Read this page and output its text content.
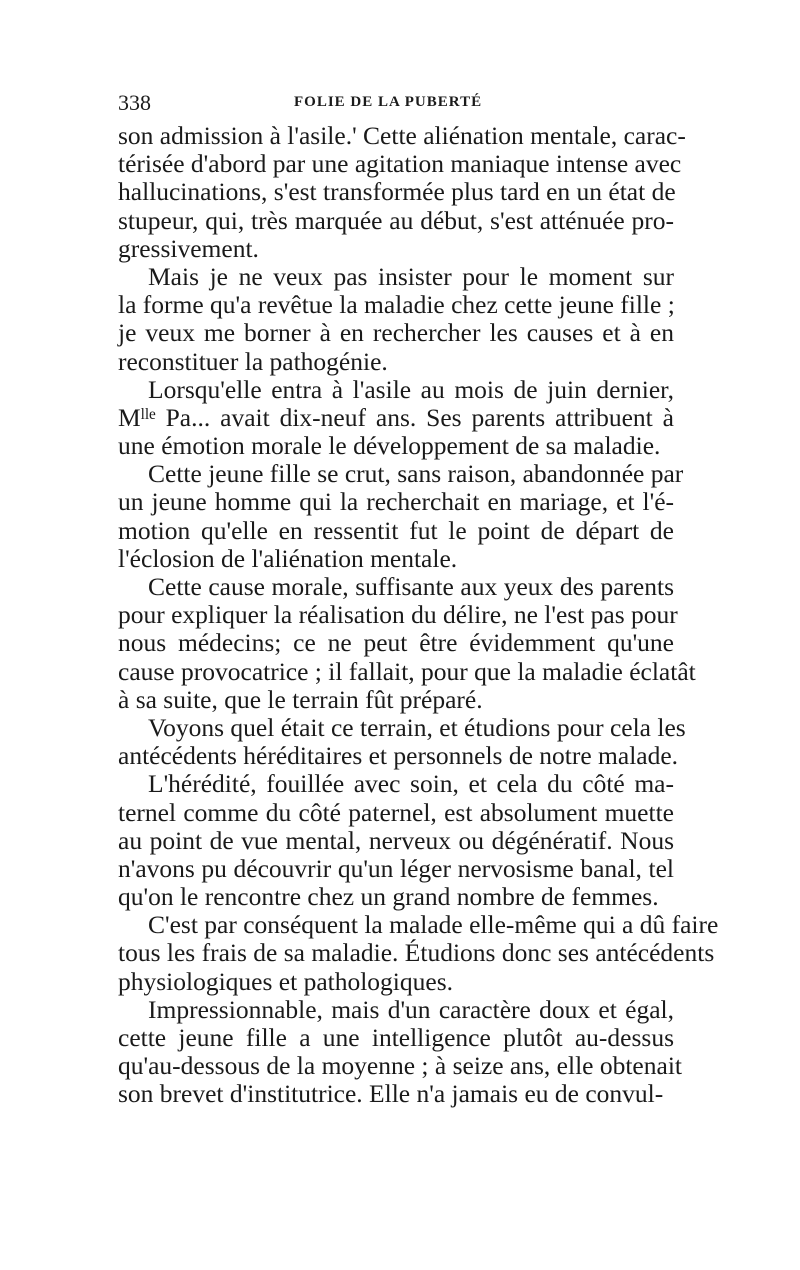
338	FOLIE DE LA PUBERTÉ
son admission à l'asile.' Cette aliénation mentale, carac-
térisée d'abord par une agitation maniaque intense avec
hallucinations, s'est transformée plus tard en un état de
stupeur, qui, très marquée au début, s'est atténuée pro-
gressivement.
Mais je ne veux pas insister pour le moment sur
la forme qu'a revêtue la maladie chez cette jeune fille ;
je veux me borner à en rechercher les causes et à en
reconstituer la pathogénie.
Lorsqu'elle entra à l'asile au mois de juin dernier,
Mˡˡᵉ Pa... avait dix-neuf ans. Ses parents attribuent à
une émotion morale le développement de sa maladie.
Cette jeune fille se crut, sans raison, abandonnée par
un jeune homme qui la recherchait en mariage, et l'é-
motion qu'elle en ressentit fut le point de départ de
l'éclosion de l'aliénation mentale.
Cette cause morale, suffisante aux yeux des parents
pour expliquer la réalisation du délire, ne l'est pas pour
nous médecins; ce ne peut être évidemment qu'une
cause provocatrice ; il fallait, pour que la maladie éclatât
à sa suite, que le terrain fût préparé.
Voyons quel était ce terrain, et étudions pour cela les
antécédents héréditaires et personnels de notre malade.
L'hérédité, fouillée avec soin, et cela du côté ma-
ternel comme du côté paternel, est absolument muette
au point de vue mental, nerveux ou dégénératif. Nous
n'avons pu découvrir qu'un léger nervosisme banal, tel
qu'on le rencontre chez un grand nombre de femmes.
C'est par conséquent la malade elle-même qui a dû faire
tous les frais de sa maladie. Étudions donc ses antécédents
physiologiques et pathologiques.
Impressionnable, mais d'un caractère doux et égal,
cette jeune fille a une intelligence plutôt au-dessus
qu'au-dessous de la moyenne ; à seize ans, elle obtenait
son brevet d'institutrice. Elle n'a jamais eu de convul-
